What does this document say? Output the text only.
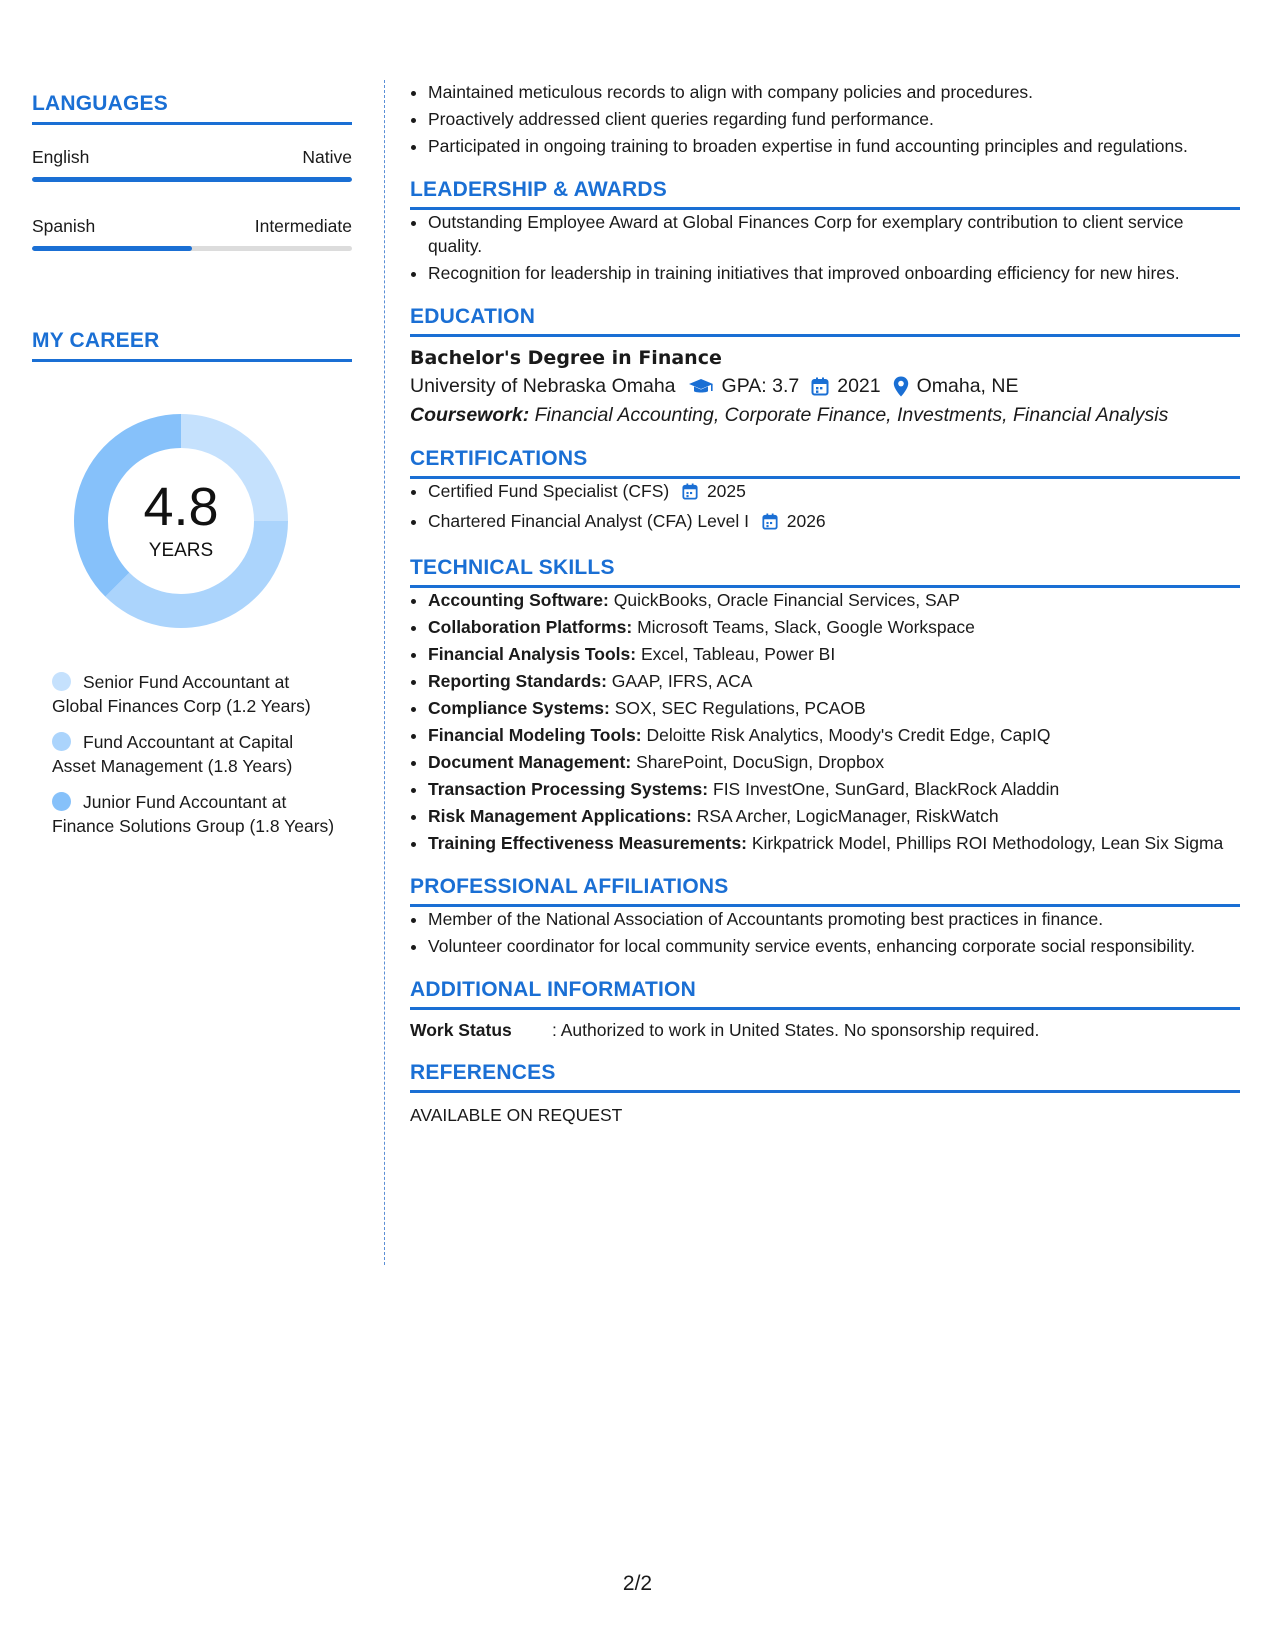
LANGUAGES
English	Native
Spanish	Intermediate
MY CAREER
4.8
YEARS
Senior Fund Accountant at Global Finances Corp (1.2 Years)
Fund Accountant at Capital Asset Management (1.8 Years)
Junior Fund Accountant at Finance Solutions Group (1.8 Years)
• Maintained meticulous records to align with company policies and procedures.
• Proactively addressed client queries regarding fund performance.
• Participated in ongoing training to broaden expertise in fund accounting principles and regulations.
LEADERSHIP & AWARDS
• Outstanding Employee Award at Global Finances Corp for exemplary contribution to client service quality.
• Recognition for leadership in training initiatives that improved onboarding efficiency for new hires.
EDUCATION
Bachelor's Degree in Finance
University of Nebraska Omaha GPA: 3.7 2021 Omaha, NE
Coursework: Financial Accounting, Corporate Finance, Investments, Financial Analysis
CERTIFICATIONS
• Certified Fund Specialist (CFS) 2025
• Chartered Financial Analyst (CFA) Level I 2026
TECHNICAL SKILLS
• Accounting Software: QuickBooks, Oracle Financial Services, SAP
• Collaboration Platforms: Microsoft Teams, Slack, Google Workspace
• Financial Analysis Tools: Excel, Tableau, Power BI
• Reporting Standards: GAAP, IFRS, ACA
• Compliance Systems: SOX, SEC Regulations, PCAOB
• Financial Modeling Tools: Deloitte Risk Analytics, Moody's Credit Edge, CapIQ
• Document Management: SharePoint, DocuSign, Dropbox
• Transaction Processing Systems: FIS InvestOne, SunGard, BlackRock Aladdin
• Risk Management Applications: RSA Archer, LogicManager, RiskWatch
• Training Effectiveness Measurements: Kirkpatrick Model, Phillips ROI Methodology, Lean Six Sigma
PROFESSIONAL AFFILIATIONS
• Member of the National Association of Accountants promoting best practices in finance.
• Volunteer coordinator for local community service events, enhancing corporate social responsibility.
ADDITIONAL INFORMATION
Work Status	: Authorized to work in United States. No sponsorship required.
REFERENCES
AVAILABLE ON REQUEST
2/2
